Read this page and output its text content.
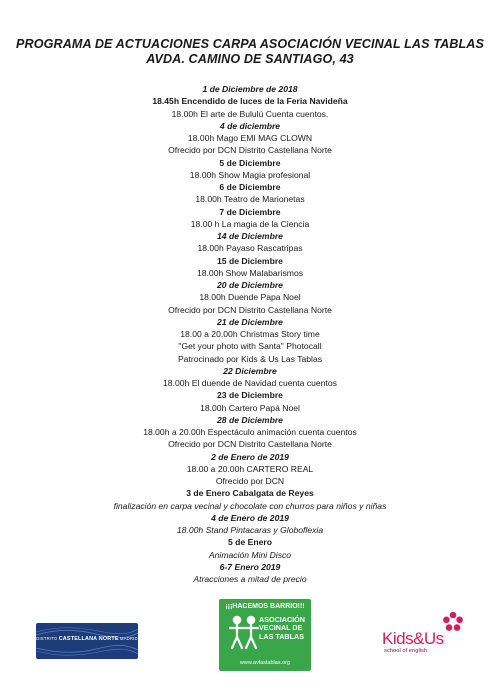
PROGRAMA DE ACTUACIONES CARPA ASOCIACIÓN VECINAL LAS TABLAS
AVDA. CAMINO DE SANTIAGO, 43
1 de Diciembre de 2018
18.45h Encendido de luces de la Feria Navideña
18.00h El arte de Bululú Cuenta cuentos.
4 de diciembre
18.00h Mago EMI MAG CLOWN
Ofrecido por DCN Distrito Castellana Norte
5 de Diciembre
18.00h Show Magia profesional
6 de Diciembre
18.00h Teatro de Marionetas
7 de Diciembre
18.00 h La magia de la Ciencia
14 de Diciembre
18.00h Payaso Rascatripas
15 de Diciembre
18.00h Show Malabarismos
20 de Diciembre
18.00h Duende Papa Noel
Ofrecido por DCN Distrito Castellana Norte
21 de Diciembre
18.00 a 20.00h Christmas Story time
"Get your photo with Santa" Photocall
Patrocinado por Kids & Us Las Tablas
22 Diciembre
18.00h El duende de Navidad cuenta cuentos
23 de Diciembre
18.00h Cartero Papá Noel
28 de Diciembre
18.00h a 20.00h Espectáculo animación cuenta cuentos
Ofrecido por DCN Distrito Castellana Norte
2 de Enero de 2019
18.00 a 20.00h CARTERO REAL
Ofrecido por DCN
3 de Enero Cabalgata de Reyes
finalización en carpa vecinal y chocolate con churros para niños y niñas
4 de Enero de 2019
18.00h Stand Pintacaras y Globoflexia
5 de Enero
Animación Mini Disco
6-7 Enero 2019
Atracciones a mitad de precio
DISTRITO CASTELLANA NORTE MADRID
¡¡¡HACEMOS BARRIO!!!
ASOCIACIÓN
VECINAL DE
LAS TABLAS
www.avlastablas.org
Kids&Us
school of english
